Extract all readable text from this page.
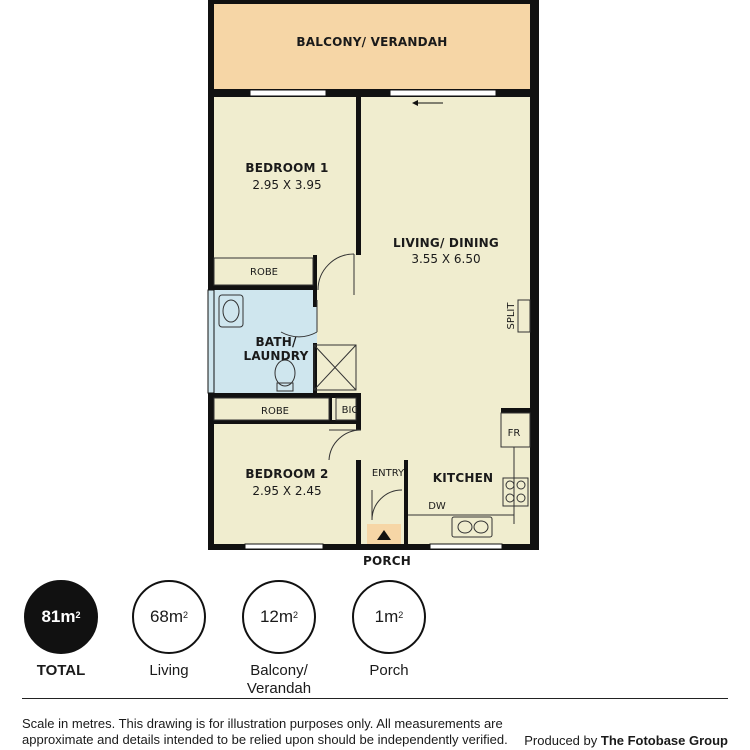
BALCONY/ VERANDAH
BEDROOM 1
2.95 X 3.95
LIVING/ DINING
3.55 X 6.50
ROBE
BATH/
LAUNDRY
ROBE	BIC
BEDROOM 2
2.95 X 2.45
ENTRY KITCHEN
PORCH
SPLIT
FR
DW
$81m^2$
TOTAL
$68m^2$
Living
$12m^2$
Balcony/ Verandah
$1m^2$
Porch
Scale in metres. This drawing is for illustration purposes only. All measurements are approximate and details intended to be relied upon should be independently verified.	Produced by The Fotobase Group
